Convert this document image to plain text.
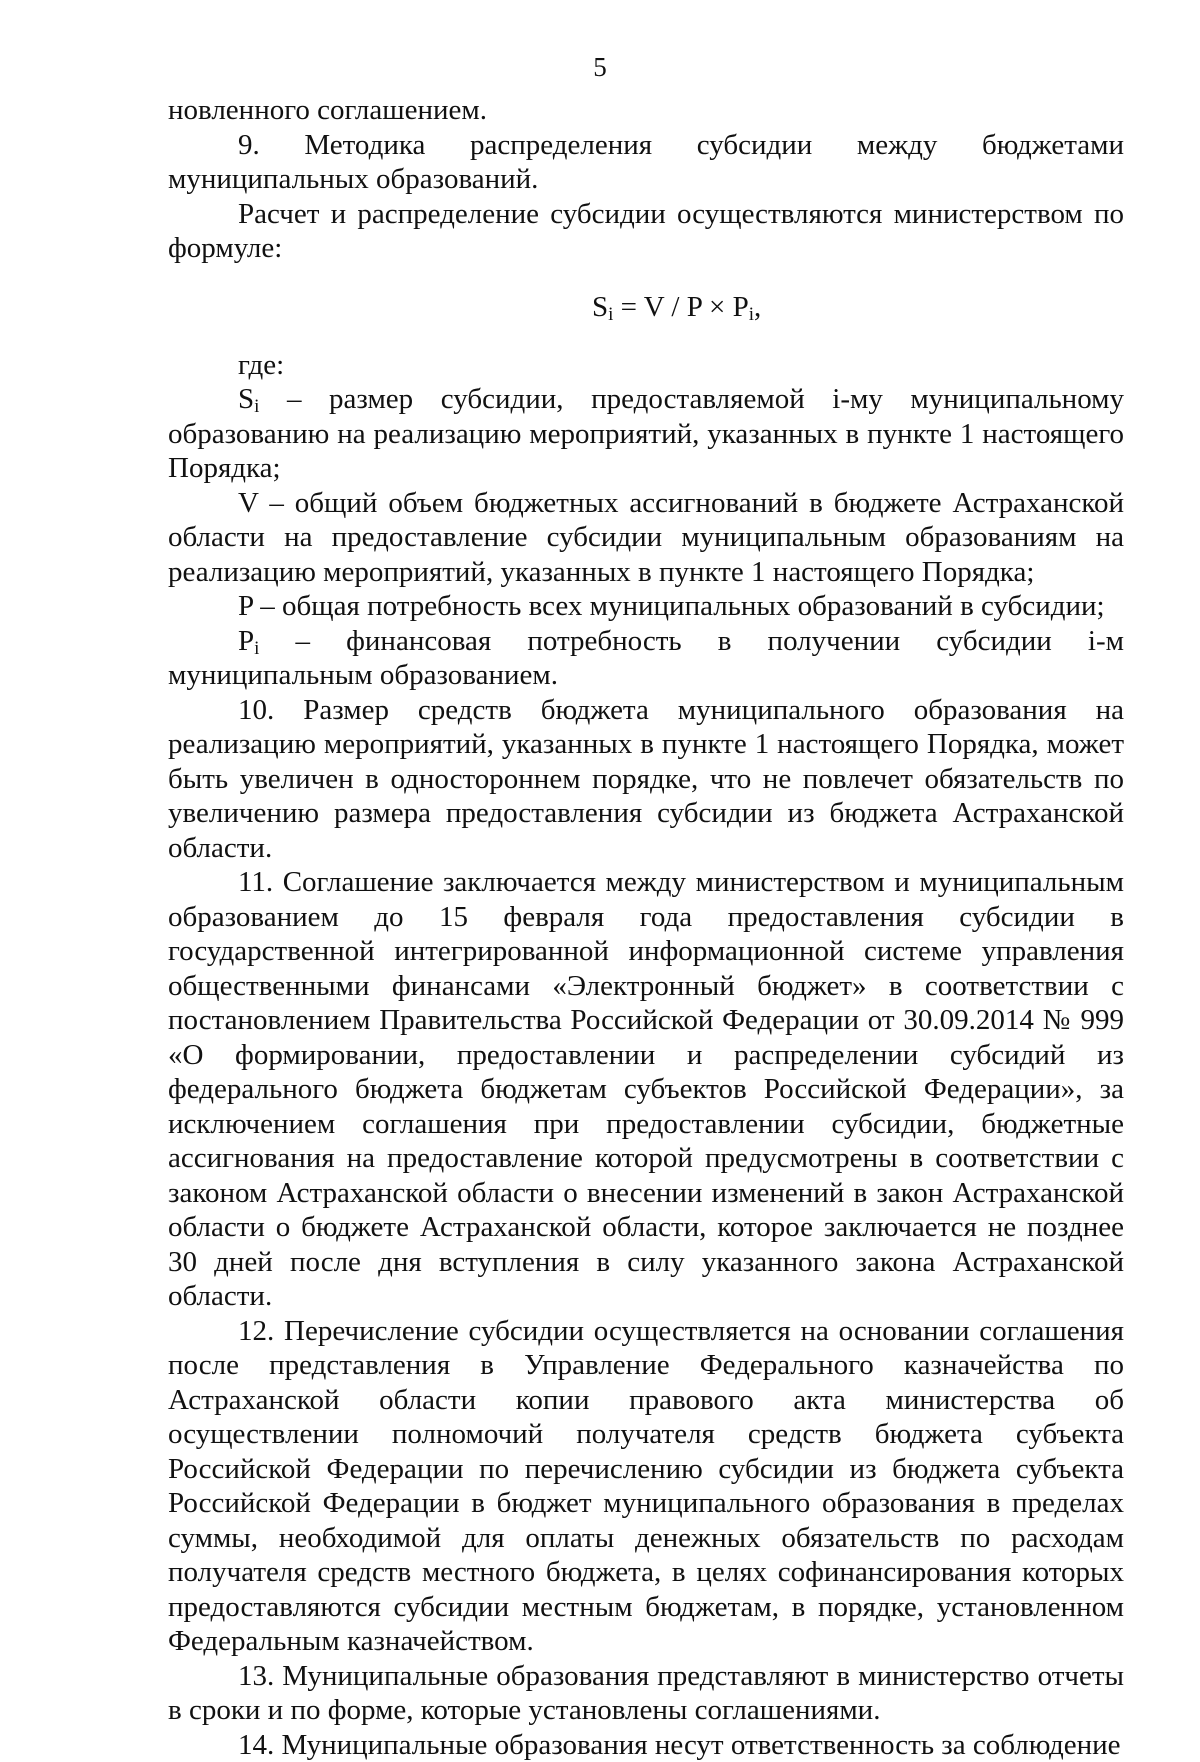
5

новленного соглашением.

9. Методика распределения субсидии между бюджетами муниципальных образований.

Расчет и распределение субсидии осуществляются министерством по формуле:

$S_i = V / P \times P_i$,

где:

$S_i$ – размер субсидии, предоставляемой i-му муниципальному образованию на реализацию мероприятий, указанных в пункте 1 настоящего Порядка;

V – общий объем бюджетных ассигнований в бюджете Астраханской области на предоставление субсидии муниципальным образованиям на реализацию мероприятий, указанных в пункте 1 настоящего Порядка;

P – общая потребность всех муниципальных образований в субсидии;

$P_i$ – финансовая потребность в получении субсидии i-м муниципальным образованием.

10. Размер средств бюджета муниципального образования на реализацию мероприятий, указанных в пункте 1 настоящего Порядка, может быть увеличен в одностороннем порядке, что не повлечет обязательств по увеличению размера предоставления субсидии из бюджета Астраханской области.

11. Соглашение заключается между министерством и муниципальным образованием до 15 февраля года предоставления субсидии в государственной интегрированной информационной системе управления общественными финансами «Электронный бюджет» в соответствии с постановлением Правительства Российской Федерации от 30.09.2014 № 999 «О формировании, предоставлении и распределении субсидий из федерального бюджета бюджетам субъектов Российской Федерации», за исключением соглашения при предоставлении субсидии, бюджетные ассигнования на предоставление которой предусмотрены в соответствии с законом Астраханской области о внесении изменений в закон Астраханской области о бюджете Астраханской области, которое заключается не позднее 30 дней после дня вступления в силу указанного закона Астраханской области.

12. Перечисление субсидии осуществляется на основании соглашения после представления в Управление Федерального казначейства по Астраханской области копии правового акта министерства об осуществлении полномочий получателя средств бюджета субъекта Российской Федерации по перечислению субсидии из бюджета субъекта Российской Федерации в бюджет муниципального образования в пределах суммы, необходимой для оплаты денежных обязательств по расходам получателя средств местного бюджета, в целях софинансирования которых предоставляются субсидии местным бюджетам, в порядке, установленном Федеральным казначейством.

13. Муниципальные образования представляют в министерство отчеты в сроки и по форме, которые установлены соглашениями.

14. Муниципальные образования несут ответственность за соблюдение
